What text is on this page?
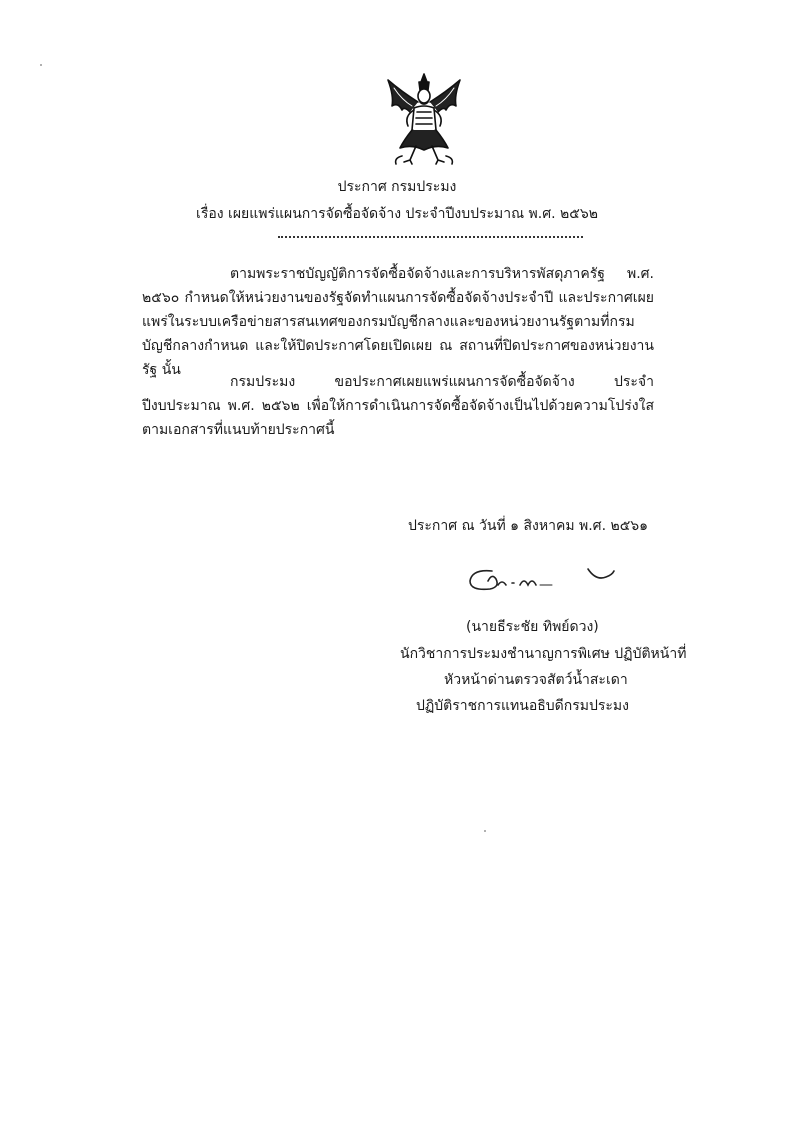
ประกาศ กรมประมง
เรื่อง เผยแพร่แผนการจัดซื้อจัดจ้าง ประจำปีงบประมาณ พ.ศ. ๒๕๖๒

ตามพระราชบัญญัติการจัดซื้อจัดจ้างและการบริหารพัสดุภาครัฐ พ.ศ. ๒๕๖๐ กำหนดให้หน่วยงานของรัฐจัดทำแผนการจัดซื้อจัดจ้างประจำปี และประกาศเผยแพร่ในระบบเครือข่ายสารสนเทศของกรมบัญชีกลางและของหน่วยงานรัฐตามที่กรมบัญชีกลางกำหนด และให้ปิดประกาศโดยเปิดเผย ณ สถานที่ปิดประกาศของหน่วยงานรัฐ นั้น

กรมประมง ขอประกาศเผยแพร่แผนการจัดซื้อจัดจ้าง ประจำปีงบประมาณ พ.ศ. ๒๕๖๒ เพื่อให้การดำเนินการจัดซื้อจัดจ้างเป็นไปด้วยความโปร่งใส ตามเอกสารที่แนบท้ายประกาศนี้

ประกาศ ณ วันที่ ๑ สิงหาคม พ.ศ. ๒๕๖๑
(นายธีระชัย ทิพย์ดวง)
นักวิชาการประมงชำนาญการพิเศษ ปฏิบัติหน้าที่
หัวหน้าด่านตรวจสัตว์น้ำสะเดา
ปฏิบัติราชการแทนอธิบดีกรมประมง
